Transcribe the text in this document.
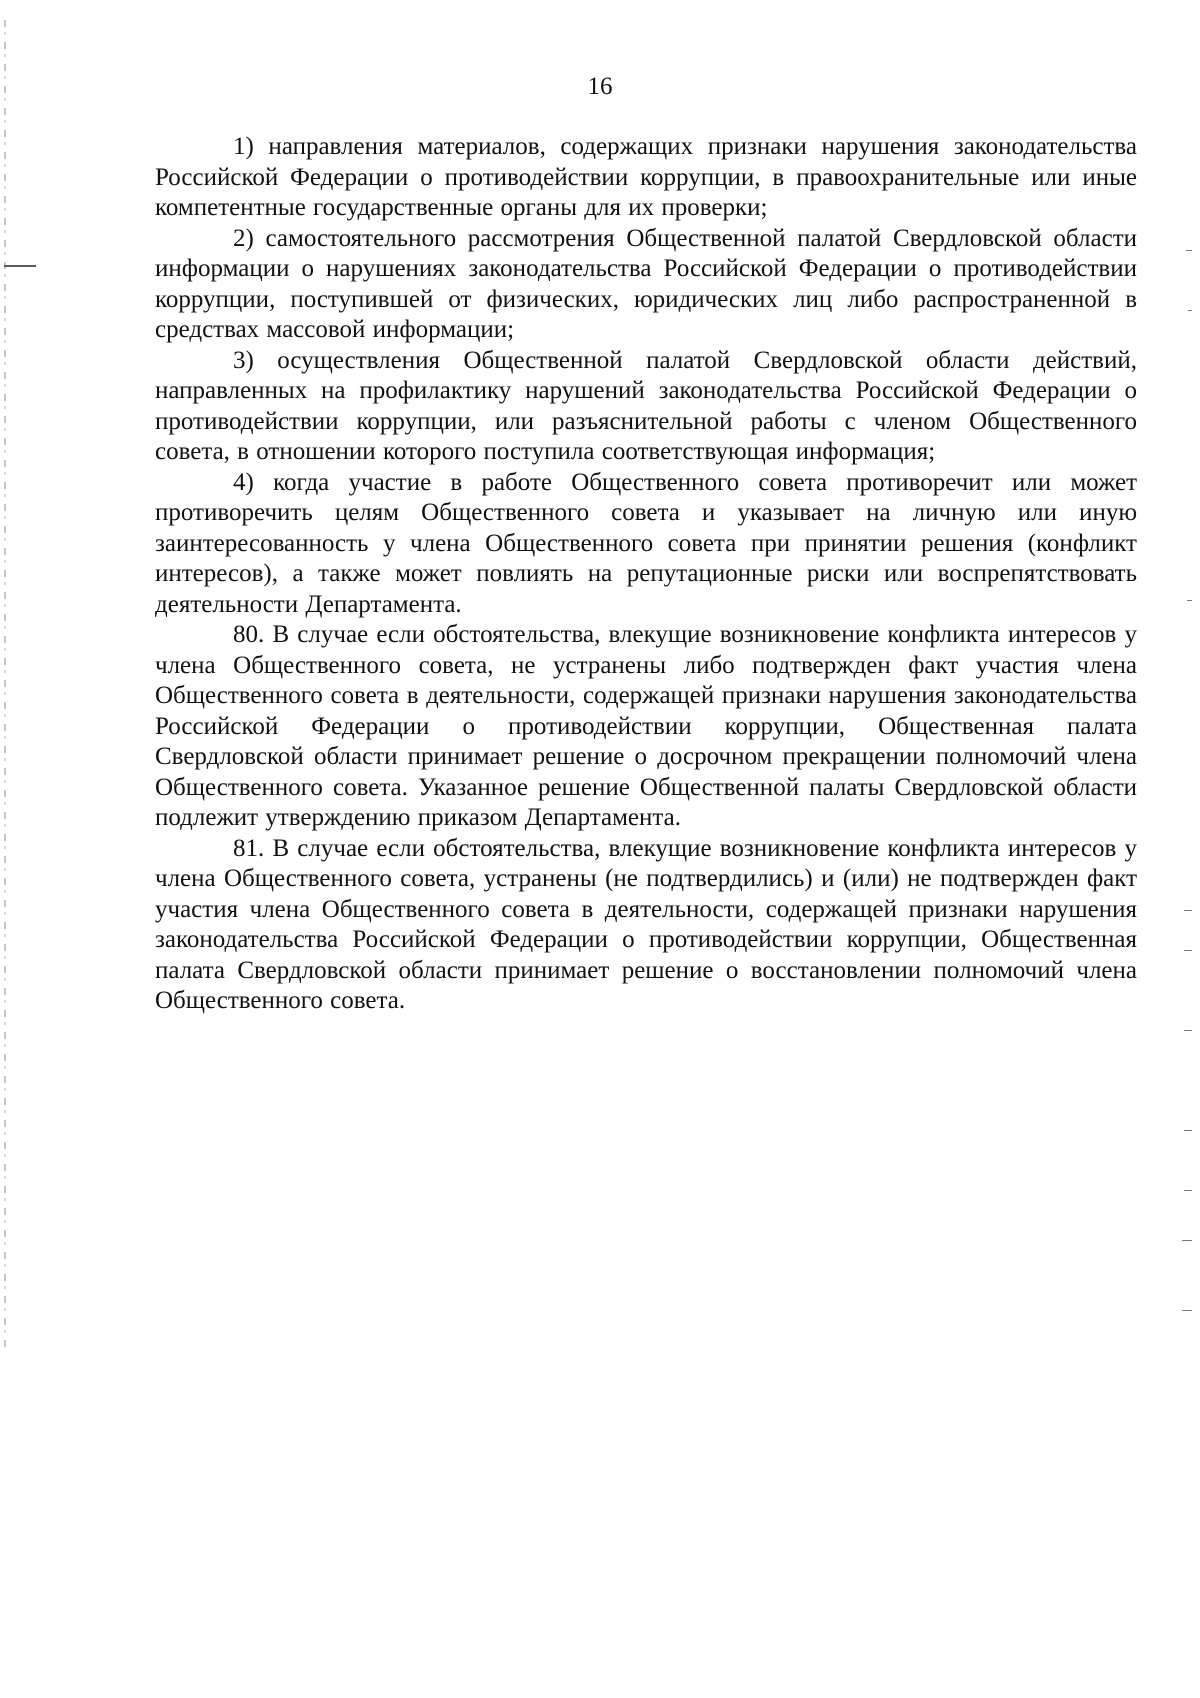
16

1) направления материалов, содержащих признаки нарушения законодательства Российской Федерации о противодействии коррупции, в правоохранительные или иные компетентные государственные органы для их проверки;

2) самостоятельного рассмотрения Общественной палатой Свердловской области информации о нарушениях законодательства Российской Федерации о противодействии коррупции, поступившей от физических, юридических лиц либо распространенной в средствах массовой информации;

3) осуществления Общественной палатой Свердловской области действий, направленных на профилактику нарушений законодательства Российской Федерации о противодействии коррупции, или разъяснительной работы с членом Общественного совета, в отношении которого поступила соответствующая информация;

4) когда участие в работе Общественного совета противоречит или может противоречить целям Общественного совета и указывает на личную или иную заинтересованность у члена Общественного совета при принятии решения (конфликт интересов), а также может повлиять на репутационные риски или воспрепятствовать деятельности Департамента.

80. В случае если обстоятельства, влекущие возникновение конфликта интересов у члена Общественного совета, не устранены либо подтвержден факт участия члена Общественного совета в деятельности, содержащей признаки нарушения законодательства Российской Федерации о противодействии коррупции, Общественная палата Свердловской области принимает решение о досрочном прекращении полномочий члена Общественного совета. Указанное решение Общественной палаты Свердловской области подлежит утверждению приказом Департамента.

81. В случае если обстоятельства, влекущие возникновение конфликта интересов у члена Общественного совета, устранены (не подтвердились) и (или) не подтвержден факт участия члена Общественного совета в деятельности, содержащей признаки нарушения законодательства Российской Федерации о противодействии коррупции, Общественная палата Свердловской области принимает решение о восстановлении полномочий члена Общественного совета.
